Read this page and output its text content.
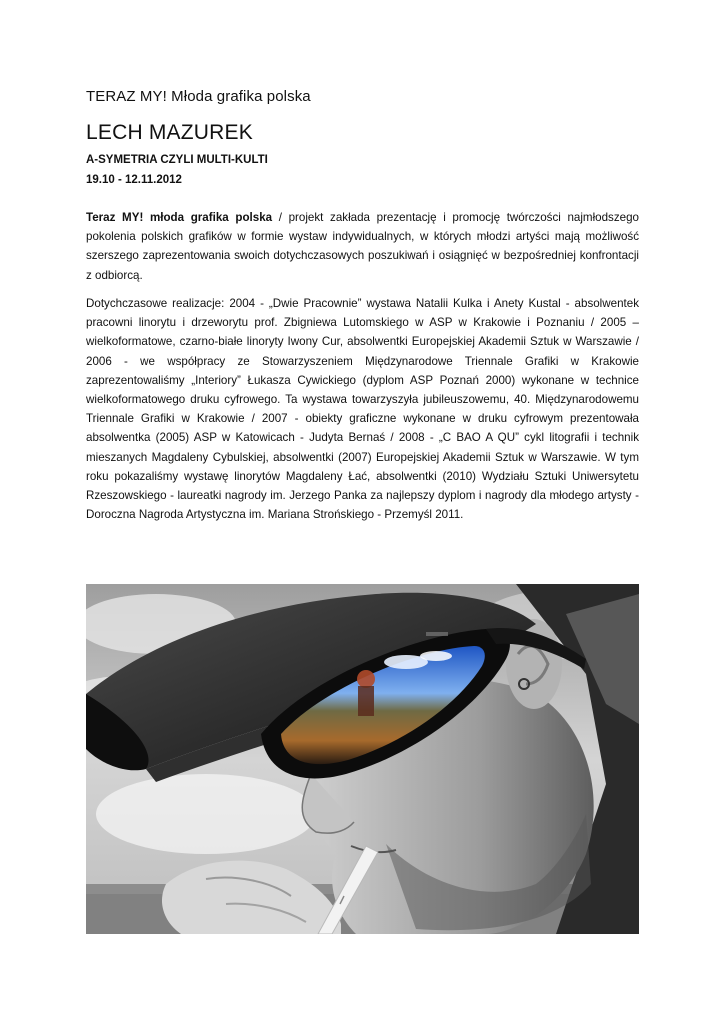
TERAZ MY! Młoda grafika polska
LECH MAZUREK
A-SYMETRIA CZYLI MULTI-KULTI
19.10 - 12.11.2012

Teraz MY! młoda grafika polska / projekt zakłada prezentację i promocję twórczości najmłodszego pokolenia polskich grafików w formie wystaw indywidualnych, w których młodzi artyści mają możliwość szerszego zaprezentowania swoich dotychczasowych poszukiwań i osiągnięć w bezpośredniej konfrontacji z odbiorcą.

Dotychczasowe realizacje: 2004 - „Dwie Pracownie” wystawa Natalii Kulka i Anety Kustal - absolwentek pracowni linorytu i drzeworytu prof. Zbigniewa Lutomskiego w ASP w Krakowie i Poznaniu / 2005 – wielkoformatowe, czarno-białe linoryty Iwony Cur, absolwentki Europejskiej Akademii Sztuk w Warszawie / 2006 - we współpracy ze Stowarzyszeniem Międzynarodowe Triennale Grafiki w Krakowie zaprezentowaliśmy „Interiory” Łukasza Cywickiego (dyplom ASP Poznań 2000) wykonane w technice wielkoformatowego druku cyfrowego. Ta wystawa towarzyszyła jubileuszowemu, 40. Międzynarodowemu Triennale Grafiki w Krakowie / 2007 - obiekty graficzne wykonane w druku cyfrowym prezentowała absolwentka (2005) ASP w Katowicach - Judyta Bernaś / 2008 - „C BAO A QU” cykl litografii i technik mieszanych Magdaleny Cybulskiej, absolwentki (2007) Europejskiej Akademii Sztuk w Warszawie. W tym roku pokazaliśmy wystawę linorytów Magdaleny Łać, absolwentki (2010) Wydziału Sztuki Uniwersytetu Rzeszowskiego - laureatki nagrody im. Jerzego Panka za najlepszy dyplom i nagrody dla młodego artysty - Doroczna Nagroda Artystyczna im. Mariana Strońskiego - Przemyśl 2011.
